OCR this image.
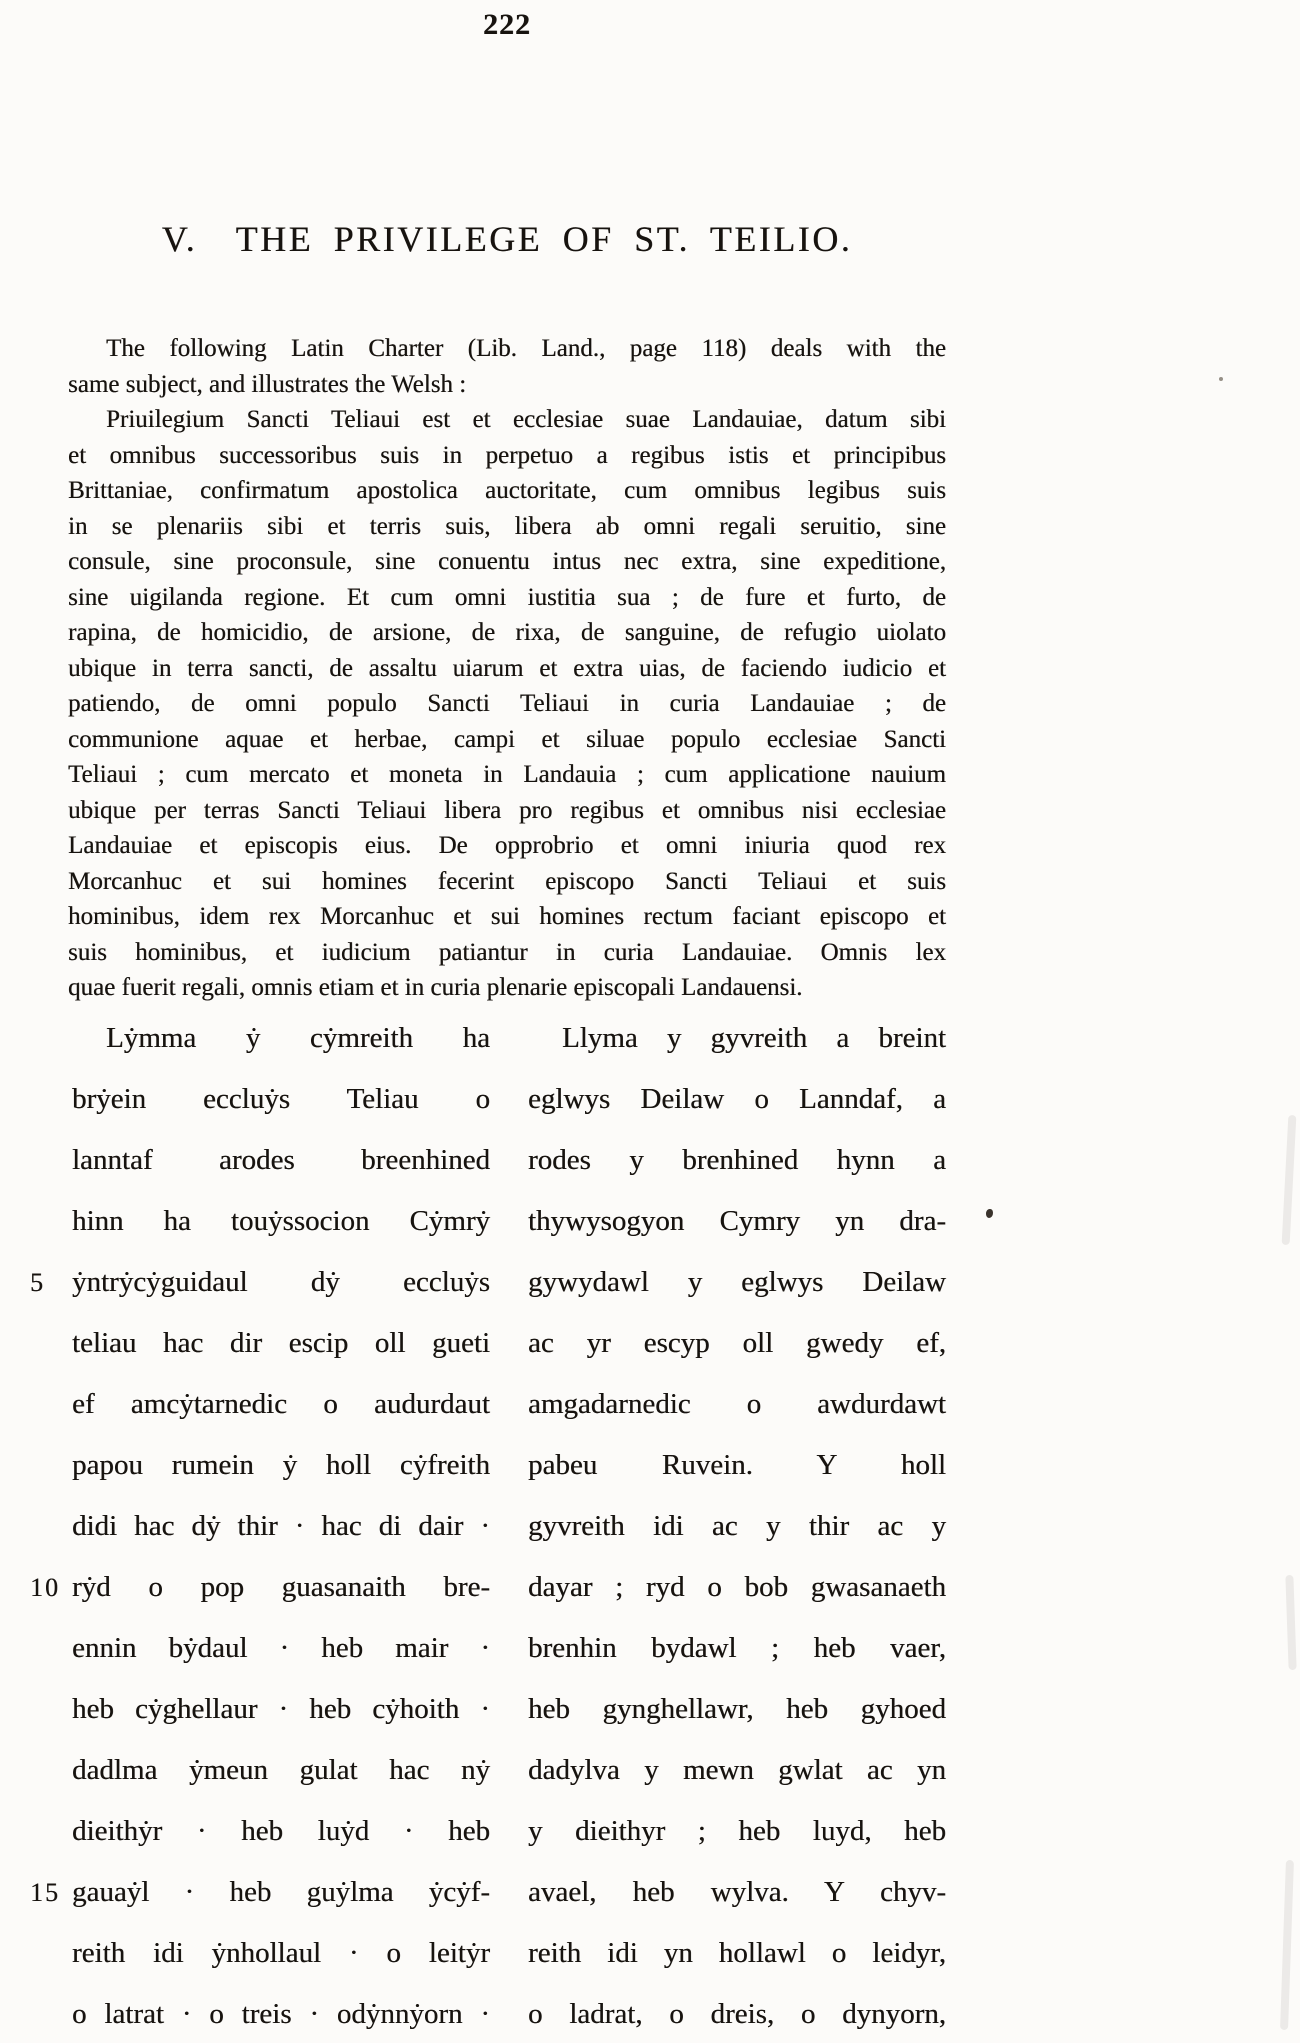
222
V. THE PRIVILEGE OF ST. TEILIO.
The following Latin Charter (Lib. Land., page 118) deals with the
same subject, and illustrates the Welsh :
Priuilegium Sancti Teliaui est et ecclesiae suae Landauiae, datum sibi
et omnibus successoribus suis in perpetuo a regibus istis et principibus
Brittaniae, confirmatum apostolica auctoritate, cum omnibus legibus suis
in se plenariis sibi et terris suis, libera ab omni regali seruitio, sine
consule, sine proconsule, sine conuentu intus nec extra, sine expeditione,
sine uigilanda regione. Et cum omni iustitia sua ; de fure et furto, de
rapina, de homicidio, de arsione, de rixa, de sanguine, de refugio uiolato
ubique in terra sancti, de assaltu uiarum et extra uias, de faciendo iudicio et
patiendo, de omni populo Sancti Teliaui in curia Landauiae ; de
communione aquae et herbae, campi et siluae populo ecclesiae Sancti
Teliaui ; cum mercato et moneta in Landauia ; cum applicatione nauium
ubique per terras Sancti Teliaui libera pro regibus et omnibus nisi ecclesiae
Landauiae et episcopis eius. De opprobrio et omni iniuria quod rex
Morcanhuc et sui homines fecerint episcopo Sancti Teliaui et suis
hominibus, idem rex Morcanhuc et sui homines rectum faciant episcopo et
suis hominibus, et iudicium patiantur in curia Landauiae. Omnis lex
quae fuerit regali, omnis etiam et in curia plenarie episcopali Landauensi.
Lẏmma ẏ cẏmreith ha
brẏein eccluẏs Teliau o
lanntaf arodes breenhined
hinn ha touẏssocion Cẏmrẏ
5 ẏntrẏcẏguidaul dẏ eccluẏs
teliau hac dir escip oll gueti
ef amcẏtarnedic o audurdaut
papou rumein ẏ holl cẏfreith
didi hac dẏ thir · hac di dair ·
10 rẏd o pop guasanaith bre-
ennin bẏdaul · heb mair ·
heb cẏghellaur · heb cẏhoith ·
dadlma ẏmeun gulat hac nẏ
dieithẏr · heb luẏd · heb
15 gauaẏl · heb guẏlma ẏcẏf-
reith idi ẏnhollaul · o leitẏr
o latrat · o treis · odẏnnẏorn ·
Llyma y gyvreith a breint
eglwys Deilaw o Lanndaf, a
rodes y brenhined hynn a
thywysogyon Cymry yn dra-
gywydawl y eglwys Deilaw
ac yr escyp oll gwedy ef,
amgadarnedic o awdurdawt
pabeu Ruvein. Y holl
gyvreith idi ac y thir ac y
dayar ; ryd o bob gwasanaeth
brenhin bydawl ; heb vaer,
heb gynghellawr, heb gyhoed
dadylva y mewn gwlat ac yn
y dieithyr ; heb luyd, heb
avael, heb wylva. Y chyv-
reith idi yn hollawl o leidyr,
o ladrat, o dreis, o dynyorn,
